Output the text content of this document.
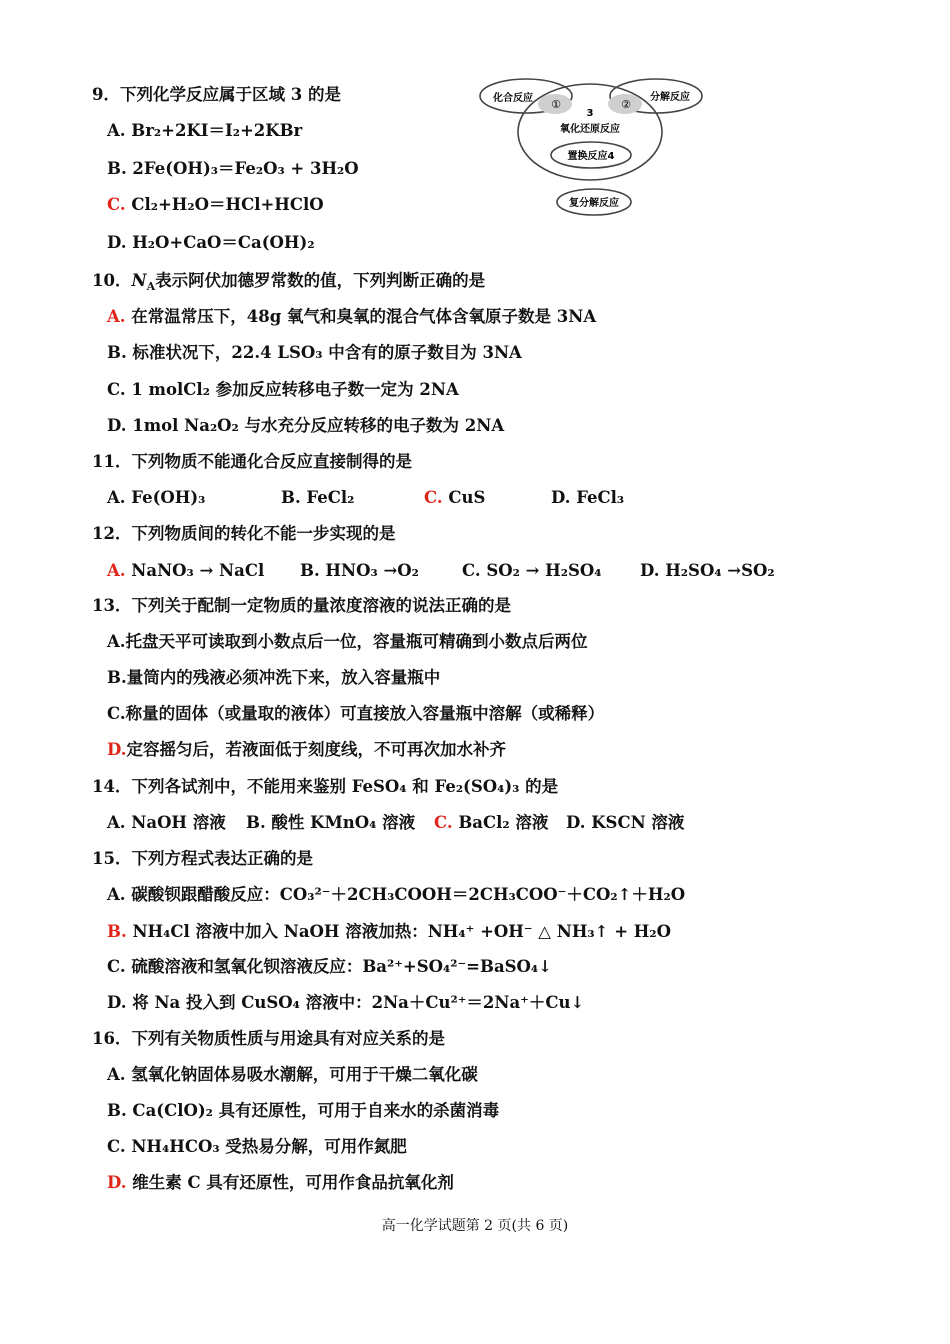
9．下列化学反应属于区域 3 的是
A. Br₂+2KI＝I₂+2KBr
B. 2Fe(OH)₃＝Fe₂O₃ + 3H₂O
C. Cl₂+H₂O＝HCl+HClO
D. H₂O+CaO＝Ca(OH)₂
化合反应	分解反应
①	②
3
氧化还原反应
置换反应4
复分解反应
10．$N_A$表示阿伏加德罗常数的值，下列判断正确的是
A. 在常温常压下，48g 氧气和臭氧的混合气体含氧原子数是 3NA
B. 标准状况下，22.4 LSO₃ 中含有的原子数目为 3NA
C. 1 molCl₂ 参加反应转移电子数一定为 2NA
D. 1mol Na₂O₂ 与水充分反应转移的电子数为 2NA
11．下列物质不能通化合反应直接制得的是
A. Fe(OH)₃	B. FeCl₂	C. CuS	D. FeCl₃
12．下列物质间的转化不能一步实现的是
A. NaNO₃ → NaCl B. HNO₃ →O₂	C. SO₂ → H₂SO₄ D. H₂SO₄ →SO₂
13．下列关于配制一定物质的量浓度溶液的说法正确的是
A.托盘天平可读取到小数点后一位，容量瓶可精确到小数点后两位
B.量筒内的残液必须冲洗下来，放入容量瓶中
C.称量的固体（或量取的液体）可直接放入容量瓶中溶解（或稀释）
D.定容摇匀后，若液面低于刻度线，不可再次加水补齐
14．下列各试剂中，不能用来鉴别 FeSO₄ 和 Fe₂(SO₄)₃ 的是
A. NaOH 溶液 B. 酸性 KMnO₄ 溶液 C. BaCl₂ 溶液 D. KSCN 溶液
15．下列方程式表达正确的是
A. 碳酸钡跟醋酸反应：CO₃²⁻＋2CH₃COOH＝2CH₃COO⁻＋CO₂↑＋H₂O
B. NH₄Cl 溶液中加入 NaOH 溶液加热：NH₄⁺ +OH⁻ △ NH₃↑ + H₂O
C. 硫酸溶液和氢氧化钡溶液反应：Ba²⁺+SO₄²⁻=BaSO₄↓
D. 将 Na 投入到 CuSO₄ 溶液中：2Na＋Cu²⁺＝2Na⁺＋Cu↓
16．下列有关物质性质与用途具有对应关系的是
A. 氢氧化钠固体易吸水潮解，可用于干燥二氧化碳
B. Ca(ClO)₂ 具有还原性，可用于自来水的杀菌消毒
C. NH₄HCO₃ 受热易分解，可用作氮肥
D. 维生素 C 具有还原性，可用作食品抗氧化剂
高一化学试题第 2 页(共 6 页)
